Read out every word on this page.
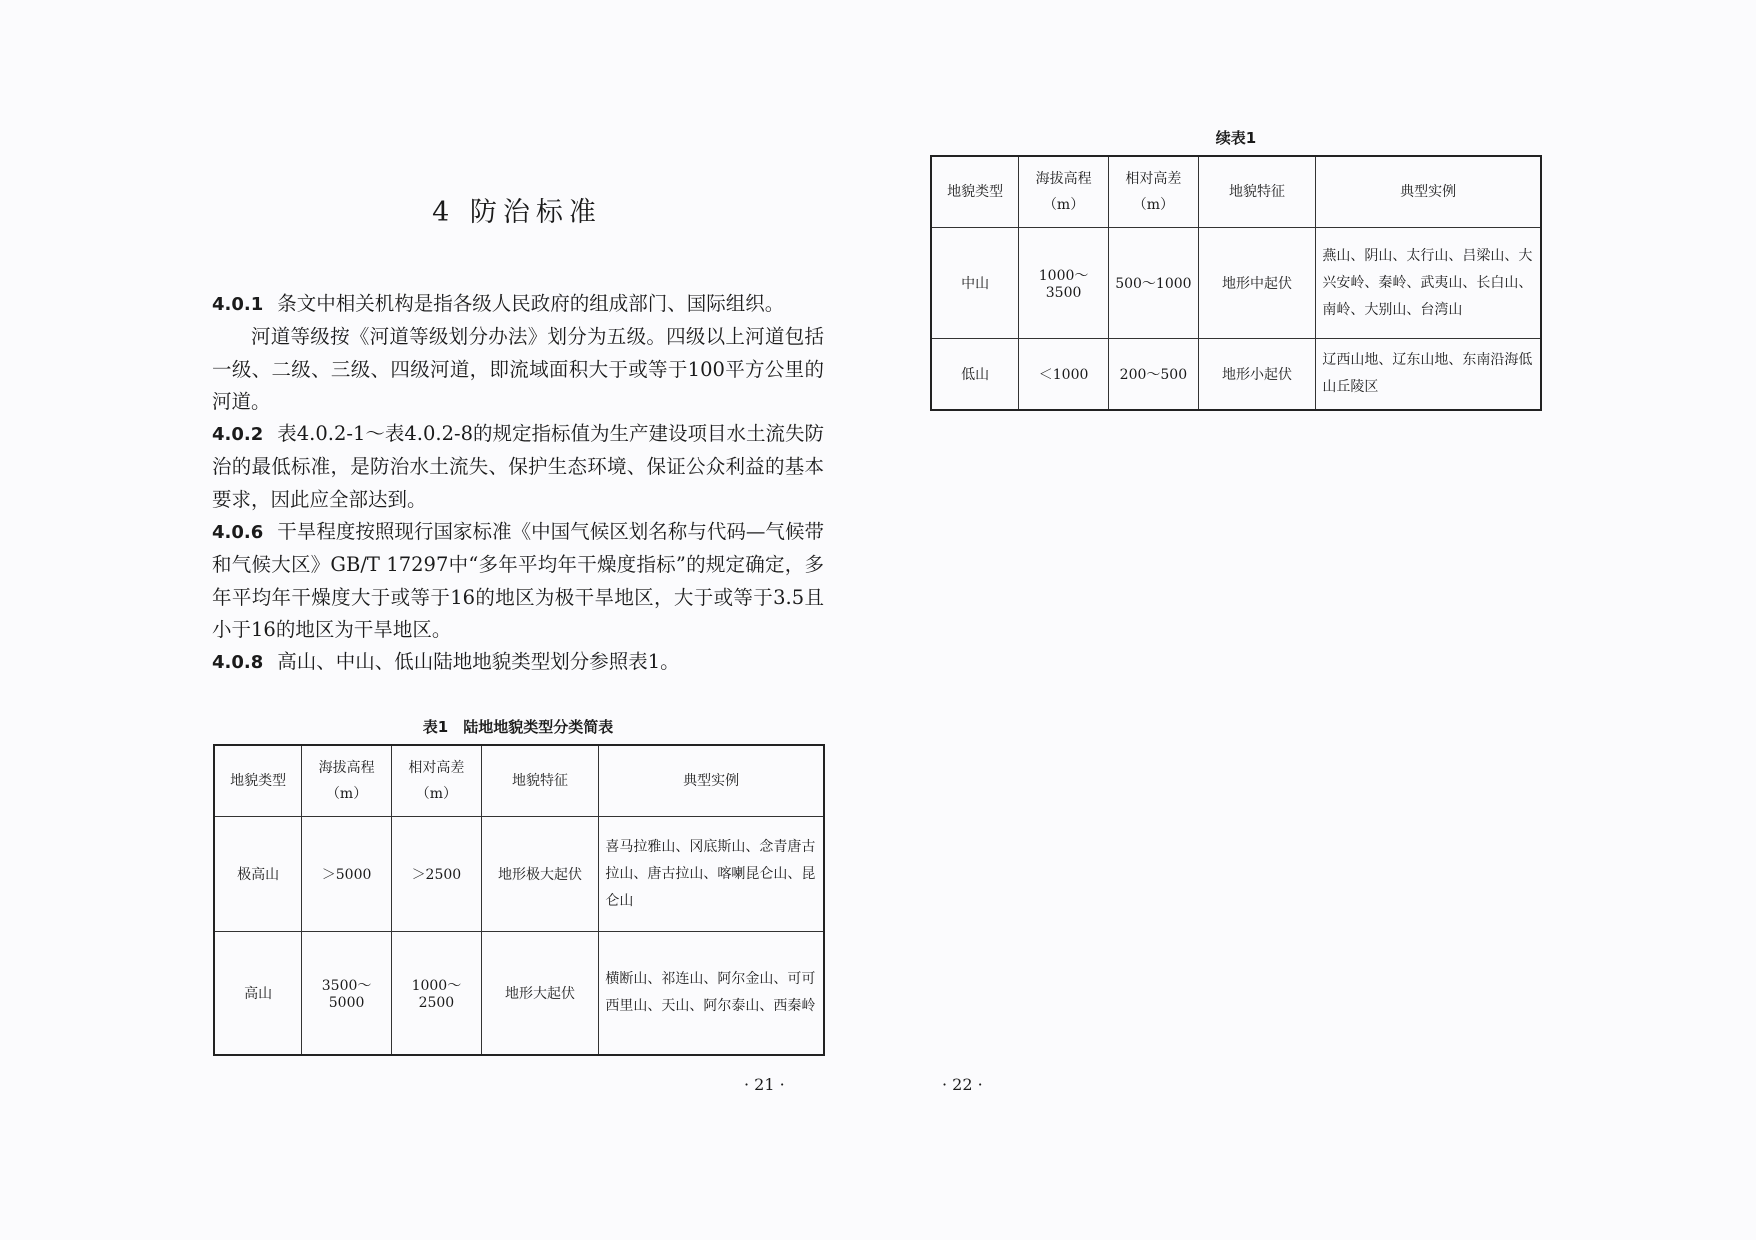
4 防治标准

4.0.1 条文中相关机构是指各级人民政府的组成部门、国际组织。

河道等级按《河道等级划分办法》划分为五级。四级以上河道包括一级、二级、三级、四级河道，即流域面积大于或等于100平方公里的河道。

4.0.2 表4.0.2-1～表4.0.2-8的规定指标值为生产建设项目水土流失防治的最低标准，是防治水土流失、保护生态环境、保证公众利益的基本要求，因此应全部达到。

4.0.6 干旱程度按照现行国家标准《中国气候区划名称与代码—气候带和气候大区》GB/T 17297中“多年平均年干燥度指标”的规定确定，多年平均年干燥度大于或等于16的地区为极干旱地区，大于或等于3.5且小于16的地区为干旱地区。

4.0.8 高山、中山、低山陆地地貌类型划分参照表1。

表1　陆地地貌类型分类简表
地貌类型	海拔高程（m）	相对高差（m）	地貌特征	典型实例
极高山	＞5000	＞2500	地形极大起伏	喜马拉雅山、冈底斯山、念青唐古拉山、唐古拉山、喀喇昆仑山、昆仑山
高山	3500～5000	1000～2500	地形大起伏	横断山、祁连山、阿尔金山、可可西里山、天山、阿尔泰山、西秦岭
· 21 ·
续表1
地貌类型	海拔高程（m）	相对高差（m）	地貌特征	典型实例
中山	1000～3500	500～1000	地形中起伏	燕山、阴山、太行山、吕梁山、大兴安岭、秦岭、武夷山、长白山、南岭、大别山、台湾山
低山	＜1000	200～500	地形小起伏	辽西山地、辽东山地、东南沿海低山丘陵区
· 22 ·
